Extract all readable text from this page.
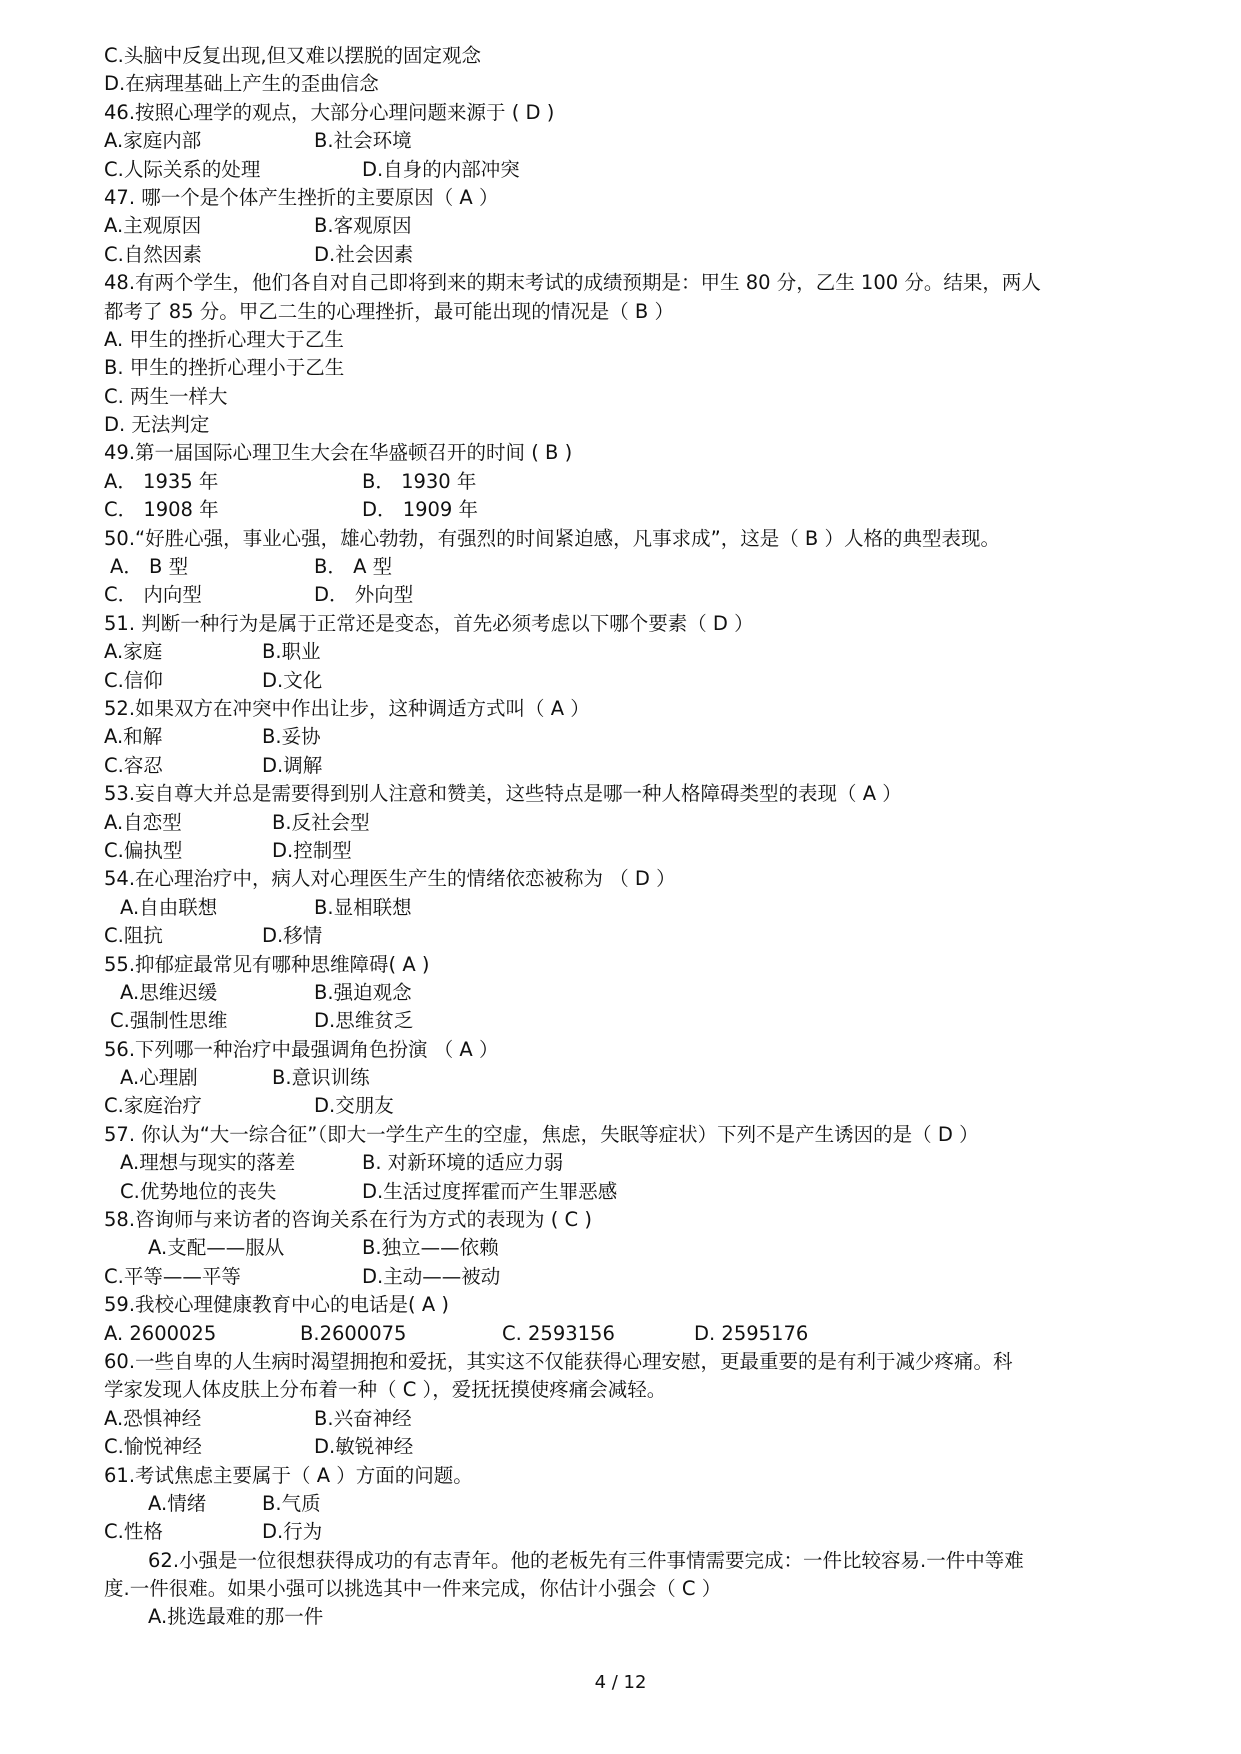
C.头脑中反复出现,但又难以摆脱的固定观念
D.在病理基础上产生的歪曲信念
46.按照心理学的观点，大部分心理问题来源于 ( D )
A.家庭内部	B.社会环境
C.人际关系的处理	D.自身的内部冲突
47. 哪一个是个体产生挫折的主要原因（ A ）
A.主观原因	B.客观原因
C.自然因素	D.社会因素
48.有两个学生，他们各自对自己即将到来的期末考试的成绩预期是：甲生 80 分，乙生 100 分。结果，两人
都考了 85 分。甲乙二生的心理挫折，最可能出现的情况是（ B ）
A. 甲生的挫折心理大于乙生
B. 甲生的挫折心理小于乙生
C. 两生一样大
D. 无法判定
49.第一届国际心理卫生大会在华盛顿召开的时间 ( B )
A． 1935 年	B． 1930 年
C． 1908 年	D． 1909 年
50.“好胜心强，事业心强，雄心勃勃，有强烈的时间紧迫感，凡事求成”，这是（ B ）人格的典型表现。
A． B 型	B． A 型
C． 内向型	D． 外向型
51. 判断一种行为是属于正常还是变态，首先必须考虑以下哪个要素（ D ）
A.家庭	B.职业
C.信仰	D.文化
52.如果双方在冲突中作出让步，这种调适方式叫（ A ）
A.和解	B.妥协
C.容忍	D.调解
53.妄自尊大并总是需要得到别人注意和赞美，这些特点是哪一种人格障碍类型的表现（ A ）
A.自恋型	B.反社会型
C.偏执型	D.控制型
54.在心理治疗中，病人对心理医生产生的情绪依恋被称为 （ D ）
A.自由联想	B.显相联想
C.阻抗	D.移情
55.抑郁症最常见有哪种思维障碍( A )
A.思维迟缓	B.强迫观念
C.强制性思维	D.思维贫乏
56.下列哪一种治疗中最强调角色扮演 （ A ）
A.心理剧	B.意识训练
C.家庭治疗	D.交朋友
57. 你认为“大一综合征”（即大一学生产生的空虚，焦虑，失眠等症状）下列不是产生诱因的是（ D ）
A.理想与现实的落差	B. 对新环境的适应力弱
C.优势地位的丧失	D.生活过度挥霍而产生罪恶感
58.咨询师与来访者的咨询关系在行为方式的表现为 ( C )
A.支配——服从	B.独立——依赖
C.平等——平等	D.主动——被动
59.我校心理健康教育中心的电话是( A )
A. 2600025	B.2600075	C. 2593156	D. 2595176
60.一些自卑的人生病时渴望拥抱和爱抚，其实这不仅能获得心理安慰，更最重要的是有利于减少疼痛。科
学家发现人体皮肤上分布着一种（ C ），爱抚抚摸使疼痛会减轻。
A.恐惧神经	B.兴奋神经
C.愉悦神经	D.敏锐神经
61.考试焦虑主要属于（ A ）方面的问题。
A.情绪	B.气质
C.性格	D.行为
62.小强是一位很想获得成功的有志青年。他的老板先有三件事情需要完成：一件比较容易.一件中等难
度.一件很难。如果小强可以挑选其中一件来完成，你估计小强会（ C ）
A.挑选最难的那一件
4 / 12
